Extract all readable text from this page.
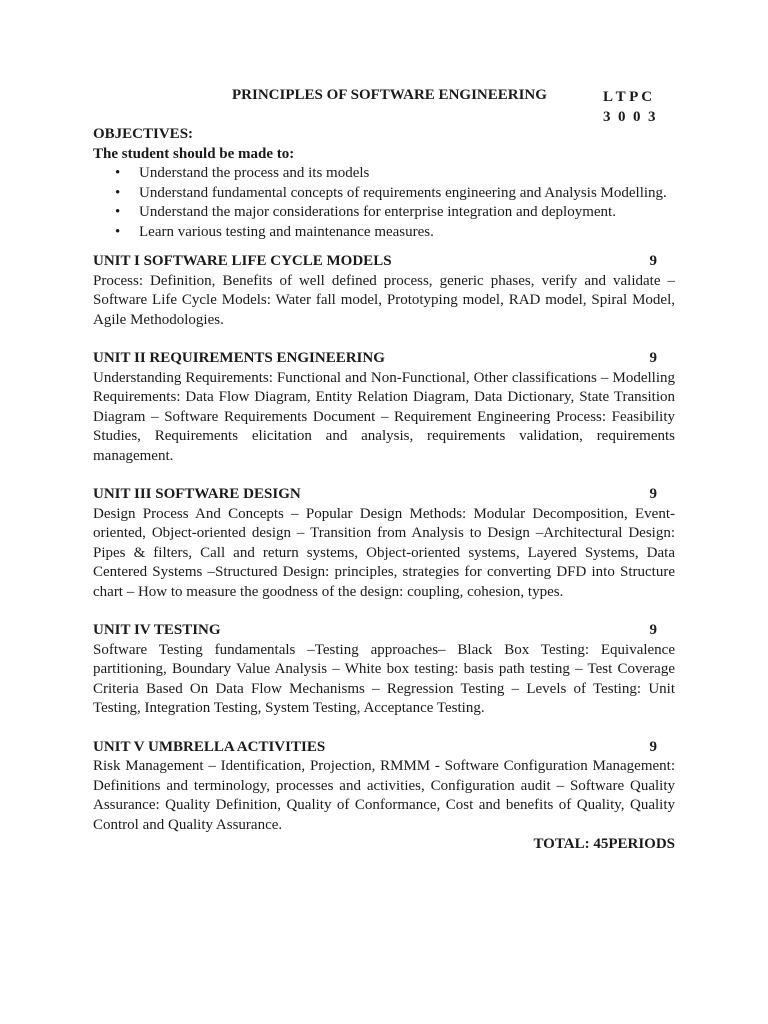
PRINCIPLES OF SOFTWARE ENGINEERING	L T P C
3  0  0  3
OBJECTIVES:
The student should be made to:
• Understand the process and its models
• Understand fundamental concepts of requirements engineering and Analysis Modelling.
• Understand the major considerations for enterprise integration and deployment.
• Learn various testing and maintenance measures.
UNIT I SOFTWARE LIFE CYCLE MODELS	9
Process: Definition, Benefits of well defined process, generic phases, verify and validate – Software Life Cycle Models: Water fall model, Prototyping model, RAD model, Spiral Model, Agile Methodologies.
UNIT II REQUIREMENTS ENGINEERING	9
Understanding Requirements: Functional and Non-Functional, Other classifications – Modelling Requirements: Data Flow Diagram, Entity Relation Diagram, Data Dictionary, State Transition Diagram – Software Requirements Document – Requirement Engineering Process: Feasibility Studies, Requirements elicitation and analysis, requirements validation, requirements management.
UNIT III SOFTWARE DESIGN	9
Design Process And Concepts – Popular Design Methods: Modular Decomposition, Event-oriented, Object-oriented design – Transition from Analysis to Design –Architectural Design: Pipes & filters, Call and return systems, Object-oriented systems, Layered Systems, Data Centered Systems –Structured Design: principles, strategies for converting DFD into Structure chart – How to measure the goodness of the design: coupling, cohesion, types.
UNIT IV TESTING	9
Software Testing fundamentals –Testing approaches– Black Box Testing: Equivalence partitioning, Boundary Value Analysis – White box testing: basis path testing – Test Coverage Criteria Based On Data Flow Mechanisms – Regression Testing – Levels of Testing: Unit Testing, Integration Testing, System Testing, Acceptance Testing.
UNIT V UMBRELLA ACTIVITIES	9
Risk Management – Identification, Projection, RMMM - Software Configuration Management: Definitions and terminology, processes and activities, Configuration audit – Software Quality Assurance: Quality Definition, Quality of Conformance, Cost and benefits of Quality, Quality Control and Quality Assurance.
TOTAL: 45PERIODS
